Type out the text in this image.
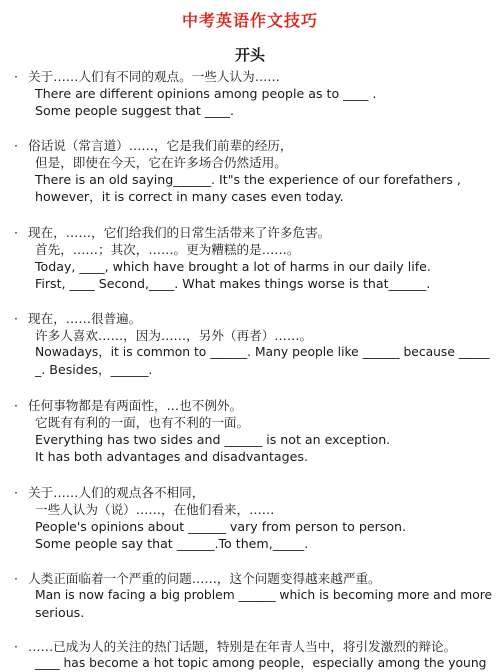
中考英语作文技巧
开头
· 关于……人们有不同的观点。一些人认为……
There are different opinions among people as to ____ .
Some people suggest that ____.
· 俗话说（常言道）……，它是我们前辈的经历，
但是，即使在今天，它在许多场合仍然适用。
There is an old saying______. It"s the experience of our forefathers ,
however，it is correct in many cases even today.
· 现在，……，它们给我们的日常生活带来了许多危害。
首先，……；其次，……。更为糟糕的是……。
Today, ____, which have brought a lot of harms in our daily life.
First, ____ Second,____. What makes things worse is that______.
· 现在，……很普遍。
许多人喜欢……，因为……，另外（再者）……。
Nowadays，it is common to ______. Many people like ______ because _____
_. Besides，______.
· 任何事物都是有两面性，…也不例外。
它既有有利的一面，也有不利的一面。
Everything has two sides and ______ is not an exception.
It has both advantages and disadvantages.
· 关于……人们的观点各不相同，
一些人认为（说）……，在他们看来，……
People's opinions about ______ vary from person to person.
Some people say that ______.To them,_____.
· 人类正面临着一个严重的问题……，这个问题变得越来越严重。
Man is now facing a big problem ______ which is becoming more and more
serious.
· ……已成为人的关注的热门话题，特别是在年青人当中，将引发激烈的辩论。
____ has become a hot topic among people，especially among the young
